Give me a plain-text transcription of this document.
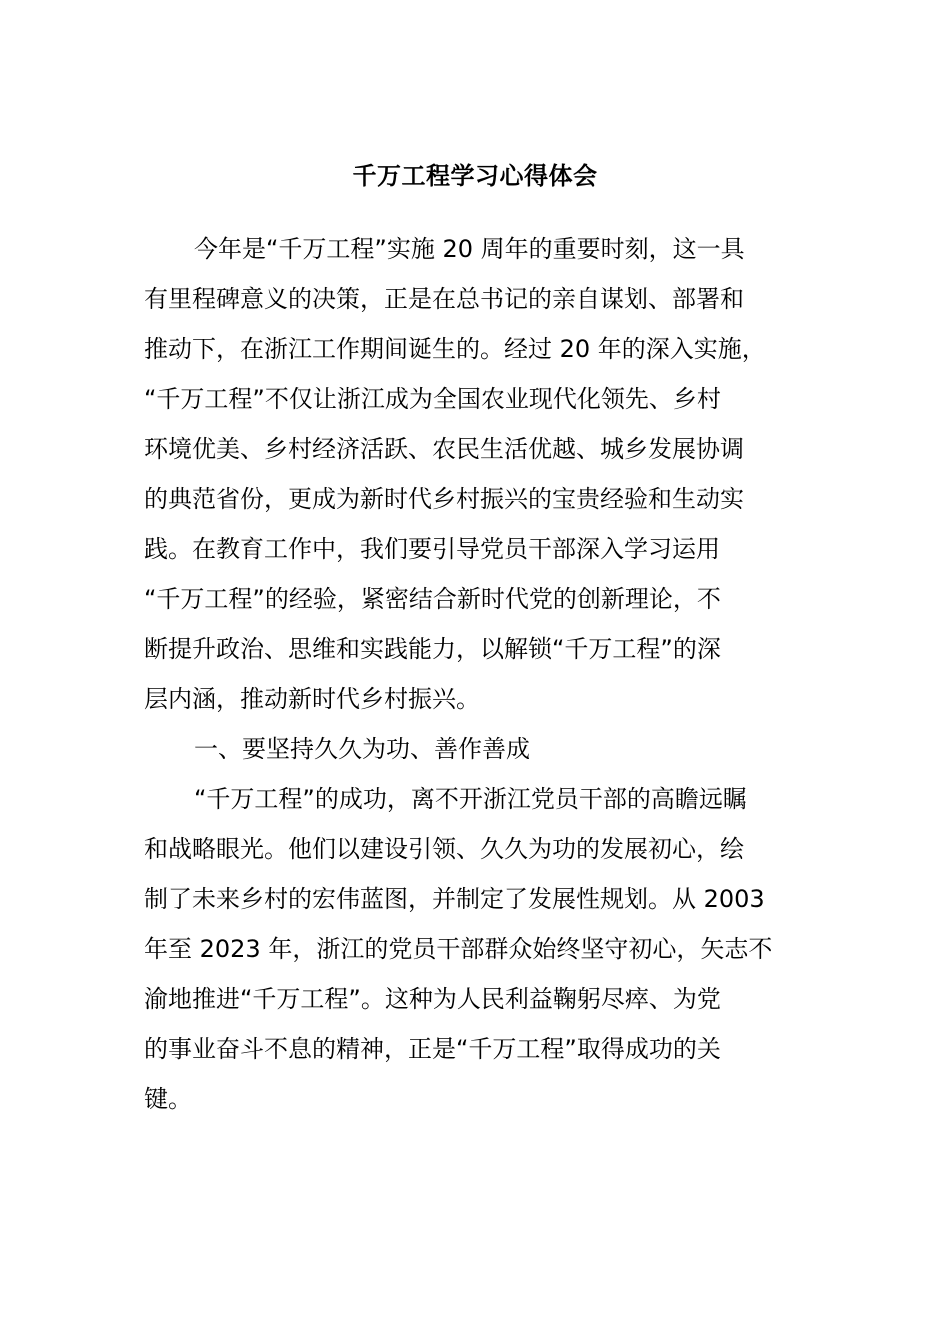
千万工程学习心得体会
今年是“千万工程”实施 20 周年的重要时刻，这一具
有里程碑意义的决策，正是在总书记的亲自谋划、部署和
推动下，在浙江工作期间诞生的。经过 20 年的深入实施，
“千万工程”不仅让浙江成为全国农业现代化领先、乡村
环境优美、乡村经济活跃、农民生活优越、城乡发展协调
的典范省份，更成为新时代乡村振兴的宝贵经验和生动实
践。在教育工作中，我们要引导党员干部深入学习运用
“千万工程”的经验，紧密结合新时代党的创新理论，不
断提升政治、思维和实践能力，以解锁“千万工程”的深
层内涵，推动新时代乡村振兴。
一、要坚持久久为功、善作善成
“千万工程”的成功，离不开浙江党员干部的高瞻远瞩
和战略眼光。他们以建设引领、久久为功的发展初心，绘
制了未来乡村的宏伟蓝图，并制定了发展性规划。从 2003
年至 2023 年，浙江的党员干部群众始终坚守初心，矢志不
渝地推进“千万工程”。这种为人民利益鞠躬尽瘁、为党
的事业奋斗不息的精神，正是“千万工程”取得成功的关
键。
